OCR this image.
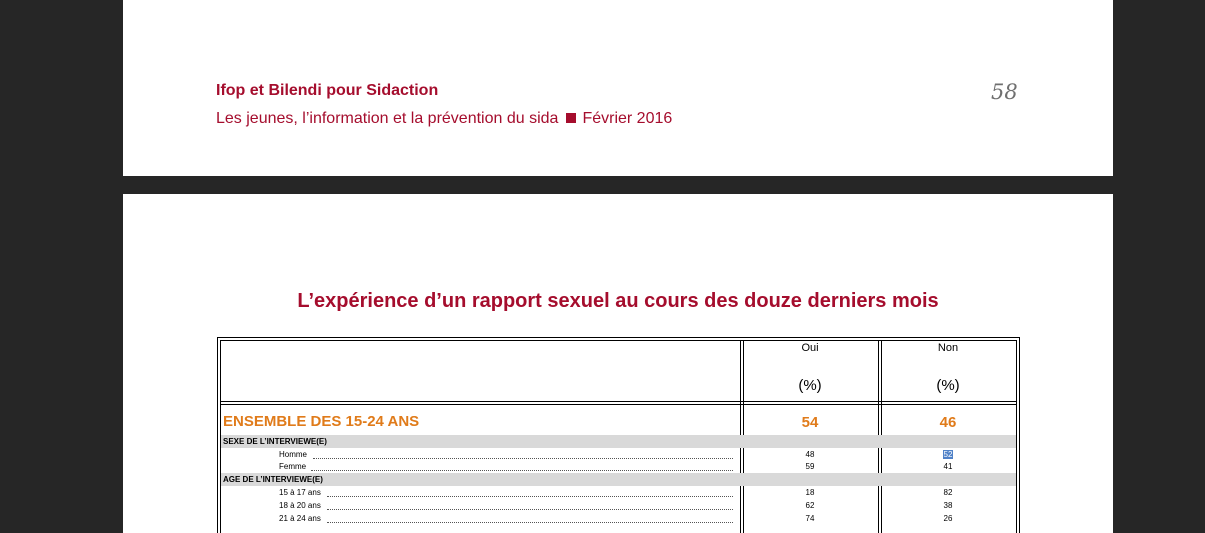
Ifop et Bilendi pour Sidaction
Les jeunes, l’information et la prévention du sida Février 2016
58
L’expérience d’un rapport sexuel au cours des douze derniers mois
Oui	Non
(%)	(%)
ENSEMBLE DES 15-24 ANS	54	46
SEXE DE L’INTERVIEWE(E)
Homme	48	52
Femme	59	41
AGE DE L’INTERVIEWE(E)
15 à 17 ans	18	82
18 à 20 ans	62	38
21 à 24 ans	74	26
